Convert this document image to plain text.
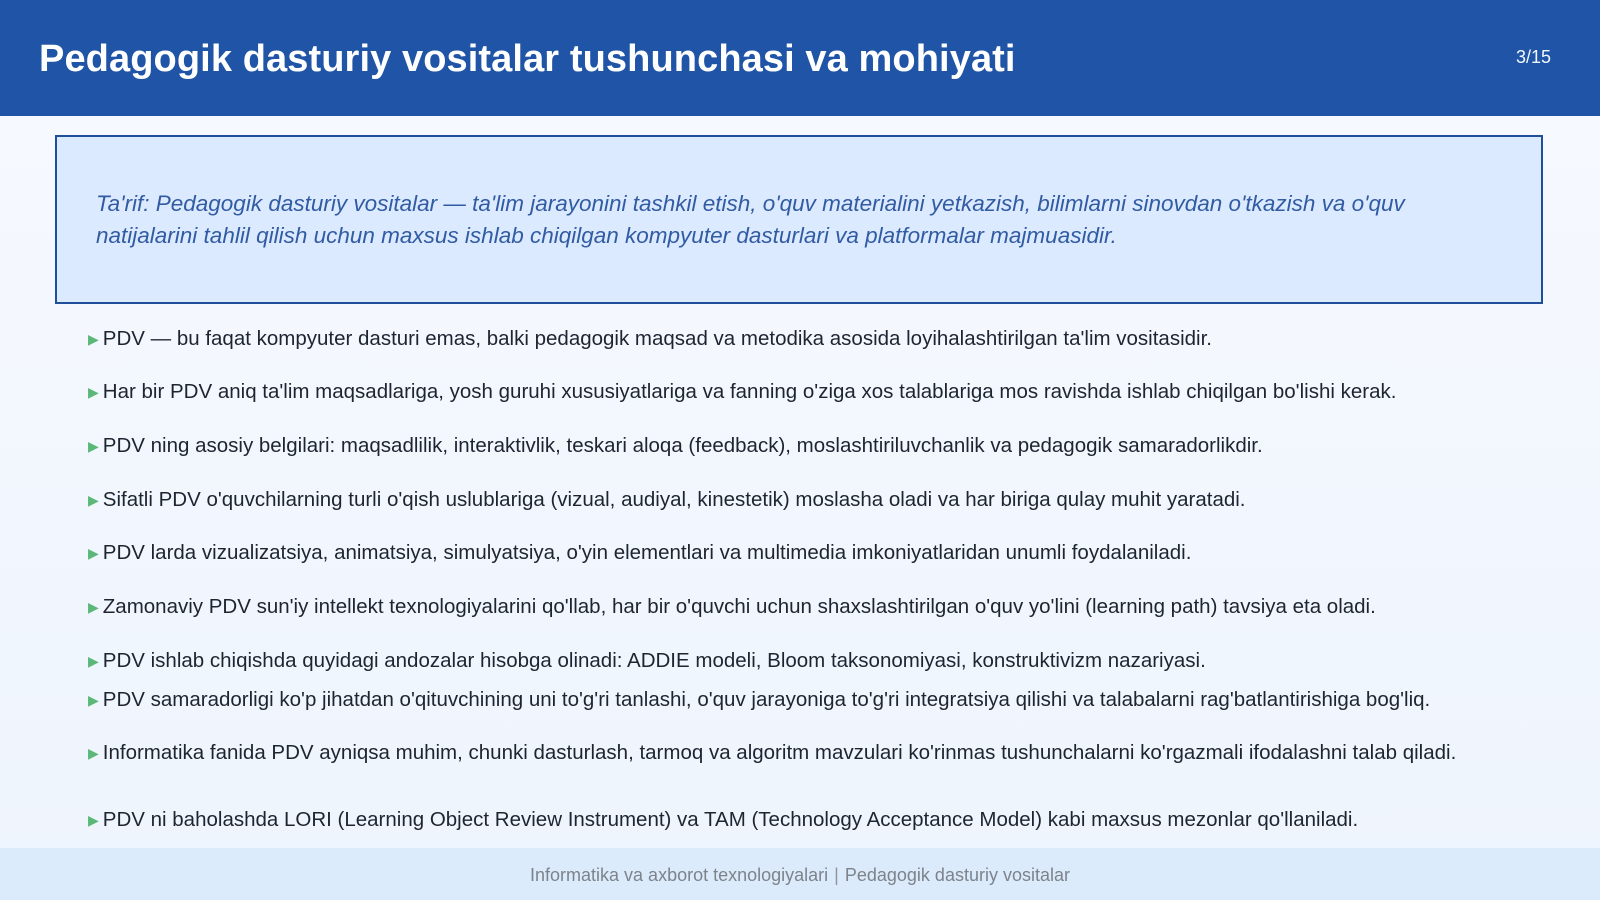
Pedagogik dasturiy vositalar tushunchasi va mohiyati	3/15

Ta'rif: Pedagogik dasturiy vositalar — ta'lim jarayonini tashkil etish, o'quv materialini yetkazish, bilimlarni sinovdan o'tkazish va o'quv natijalarini tahlil qilish uchun maxsus ishlab chiqilgan kompyuter dasturlari va platformalar majmuasidir.

▶ PDV — bu faqat kompyuter dasturi emas, balki pedagogik maqsad va metodika asosida loyihalashtirilgan ta'lim vositasidir.
▶ Har bir PDV aniq ta'lim maqsadlariga, yosh guruhi xususiyatlariga va fanning o'ziga xos talablariga mos ravishda ishlab chiqilgan bo'lishi kerak.
▶ PDV ning asosiy belgilari: maqsadlilik, interaktivlik, teskari aloqa (feedback), moslashtiriluvchanlik va pedagogik samaradorlikdir.
▶ Sifatli PDV o'quvchilarning turli o'qish uslublariga (vizual, audiyal, kinestetik) moslasha oladi va har biriga qulay muhit yaratadi.
▶ PDV larda vizualizatsiya, animatsiya, simulyatsiya, o'yin elementlari va multimedia imkoniyatlaridan unumli foydalaniladi.
▶ Zamonaviy PDV sun'iy intellekt texnologiyalarini qo'llab, har bir o'quvchi uchun shaxslashtirilgan o'quv yo'lini (learning path) tavsiya eta oladi.
▶ PDV ishlab chiqishda quyidagi andozalar hisobga olinadi: ADDIE modeli, Bloom taksonomiyasi, konstruktivizm nazariyasi.
▶ PDV samaradorligi ko'p jihatdan o'qituvchining uni to'g'ri tanlashi, o'quv jarayoniga to'g'ri integratsiya qilishi va talabalarni rag'batlantirishiga bog'liq.
▶ Informatika fanida PDV ayniqsa muhim, chunki dasturlash, tarmoq va algoritm mavzulari ko'rinmas tushunchalarni ko'rgazmali ifodalashni talab qiladi.
▶ PDV ni baholashda LORI (Learning Object Review Instrument) va TAM (Technology Acceptance Model) kabi maxsus mezonlar qo'llaniladi.
Informatika va axborot texnologiyalari | Pedagogik dasturiy vositalar
